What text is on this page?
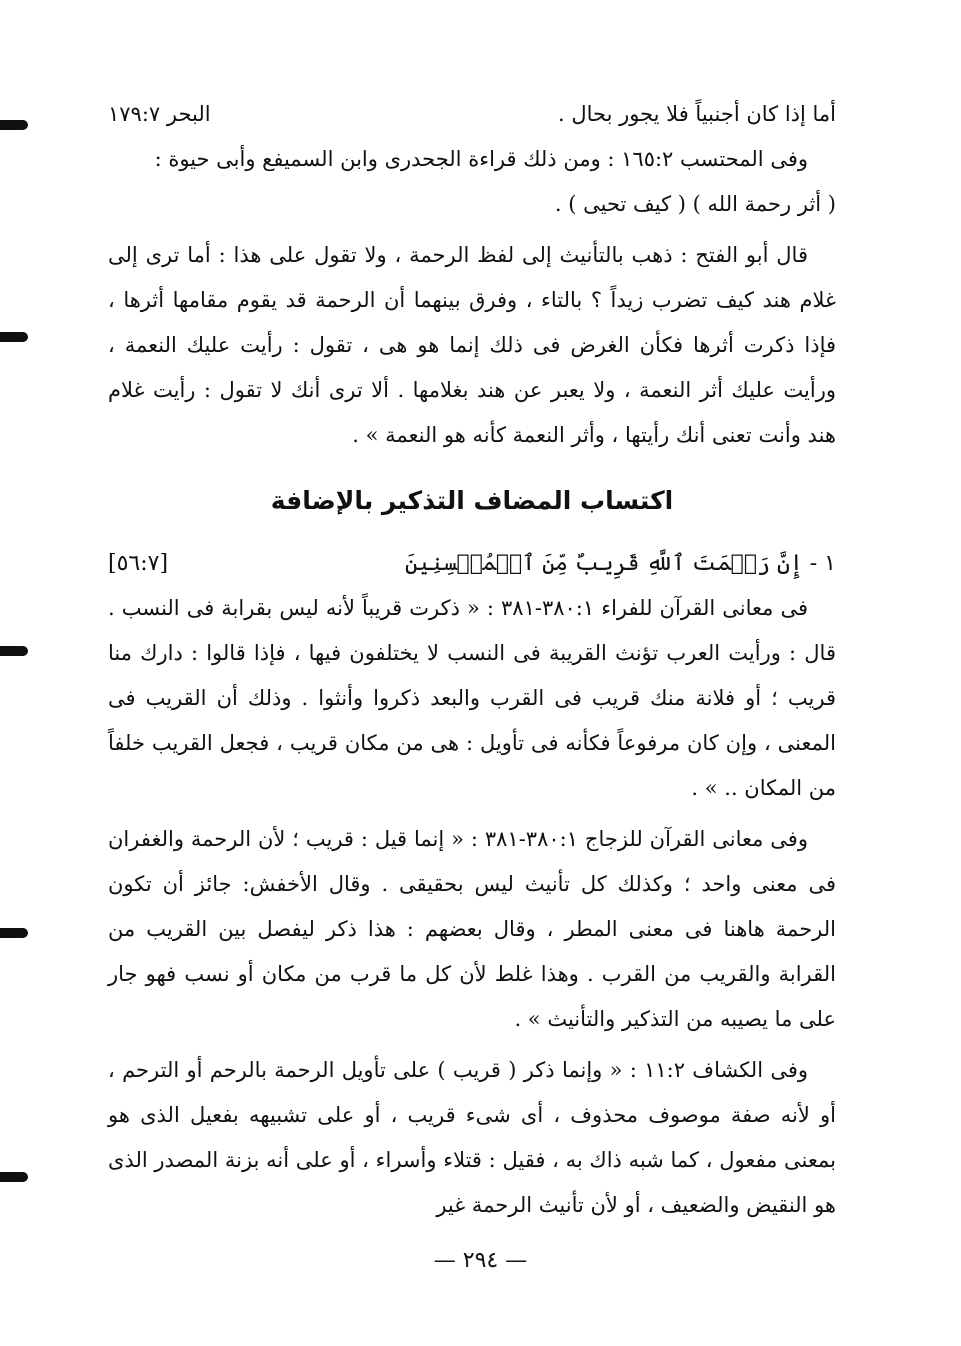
أما إذا كان أجنبياً فلا يجور بحال .
البحر ١٧٩:٧

وفى المحتسب ١٦٥:٢ : ومن ذلك قراءة الجحدرى وابن السميفع وأبى حيوة :

( أثر رحمة الله ) ( كيف تحيى ) .

قال أبو الفتح : ذهب بالتأنيث إلى لفظ الرحمة ، ولا تقول على هذا : أما ترى إلى غلام هند كيف تضرب زيداً ؟ بالتاء ، وفرق بينهما أن الرحمة قد يقوم مقامها أثرها ، فإذا ذكرت أثرها فكأن الغرض فى ذلك إنما هو هى ، تقول : رأيت عليك النعمة ، ورأيت عليك أثر النعمة ، ولا يعبر عن هند بغلامها . ألا ترى أنك لا تقول : رأيت غلام هند وأنت تعنى أنك رأيتها ، وأثر النعمة كأنه هو النعمة » .

اكتساب المضاف التذكير بالإضافة
١ - إِنَّ رَحۡمَتَ ٱللَّهِ قَرِيبٌ مِّنَ ٱلۡمُحۡسِنِينَ
[٥٦:٧]

فى معانى القرآن للفراء ٣٨٠:١-٣٨١ : « ذكرت قريباً لأنه ليس بقرابة فى النسب . قال : ورأيت العرب تؤنث القريبة فى النسب لا يختلفون فيها ، فإذا قالوا : دارك منا قريب ؛ أو فلانة منك قريب فى القرب والبعد ذكروا وأنثوا . وذلك أن القريب فى المعنى ، وإن كان مرفوعاً فكأنه فى تأويل : هى من مكان قريب ، فجعل القريب خلفاً من المكان .. » .

وفى معانى القرآن للزجاج ٣٨٠:١-٣٨١ : « إنما قيل : قريب ؛ لأن الرحمة والغفران فى معنى واحد ؛ وكذلك كل تأنيث ليس بحقيقى . وقال الأخفش: جائز أن تكون الرحمة هاهنا فى معنى المطر ، وقال بعضهم : هذا ذكر ليفصل بين القريب من القرابة والقريب من القرب . وهذا غلط لأن كل ما قرب من مكان أو نسب فهو جار على ما يصيبه من التذكير والتأنيث » .

وفى الكشاف ١١:٢ : « وإنما ذكر ( قريب ) على تأويل الرحمة بالرحم أو الترحم ، أو لأنه صفة موصوف محذوف ، أى شىء قريب ، أو على تشبيهه بفعيل الذى هو بمعنى مفعول ، كما شبه ذاك به ، فقيل : قتلاء وأسراء ، أو على أنه بزنة المصدر الذى هو النقيض والضعيف ، أو لأن تأنيث الرحمة غير

— ٢٩٤ —
